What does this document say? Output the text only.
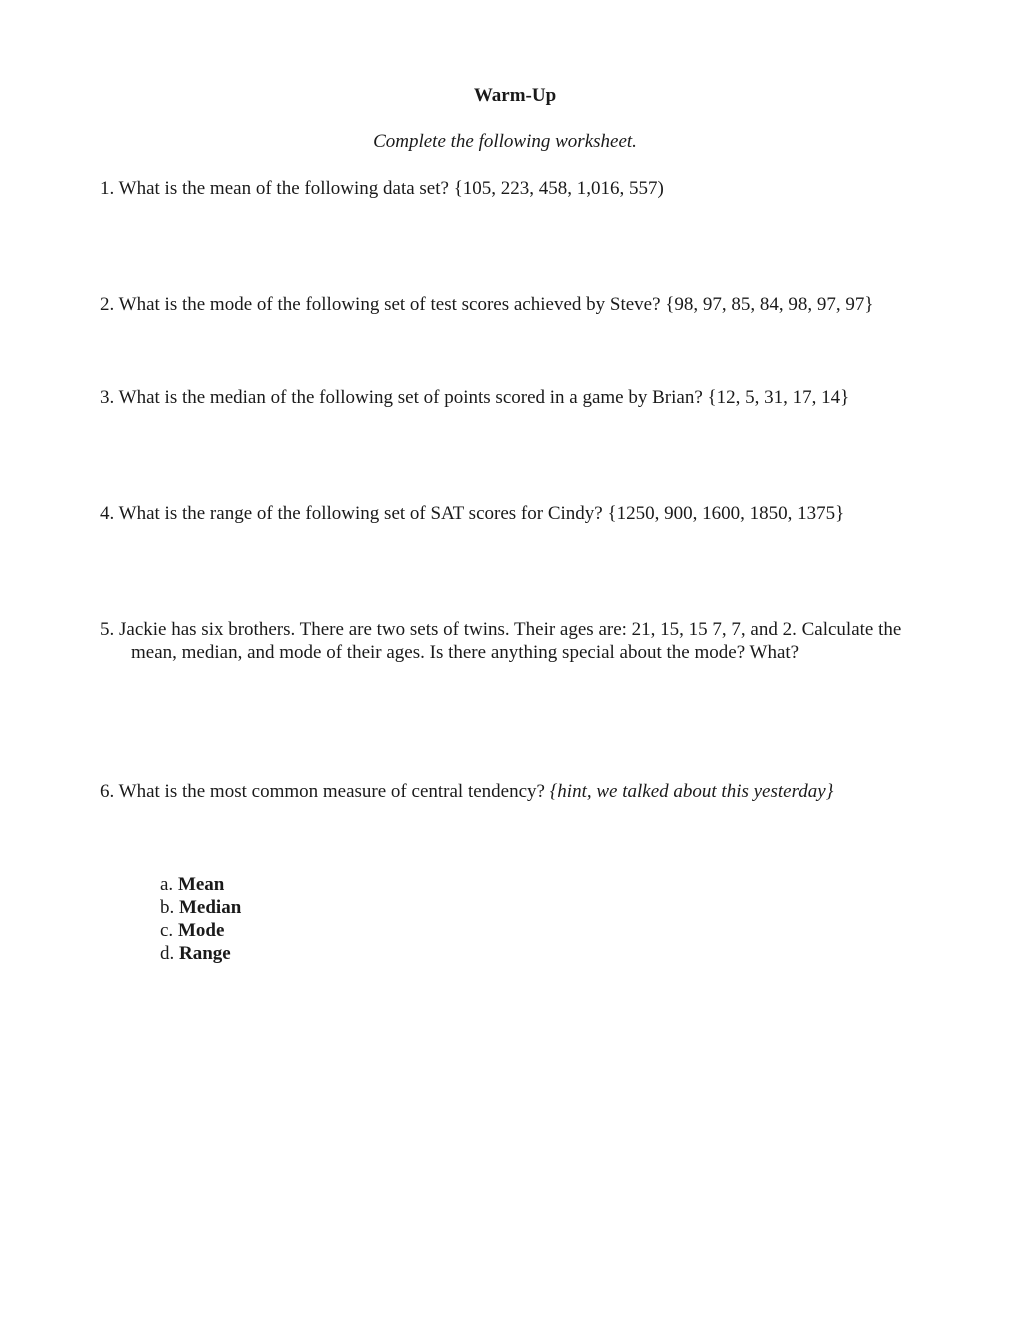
Warm-Up
Complete the following worksheet.
1. What is the mean of the following data set? {105, 223, 458, 1,016, 557)
2. What is the mode of the following set of test scores achieved by Steve? {98, 97, 85, 84, 98, 97, 97}
3. What is the median of the following set of points scored in a game by Brian? {12, 5, 31, 17, 14}
4. What is the range of the following set of SAT scores for Cindy? {1250, 900, 1600, 1850, 1375}
5. Jackie has six brothers. There are two sets of twins. Their ages are: 21, 15, 15 7, 7, and 2. Calculate the
mean, median, and mode of their ages. Is there anything special about the mode? What?
6. What is the most common measure of central tendency? {hint, we talked about this yesterday}
a. Mean
b. Median
c. Mode
d. Range
